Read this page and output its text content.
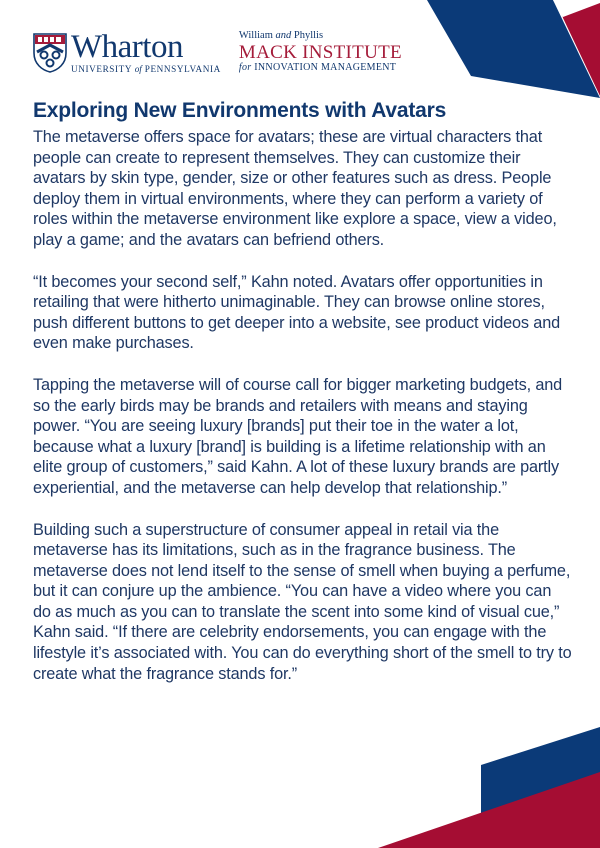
Wharton
UNIVERSITY of PENNSYLVANIA
William and Phyllis
MACK INSTITUTE
for INNOVATION MANAGEMENT
Exploring New Environments with Avatars

The metaverse offers space for avatars; these are virtual characters that people can create to represent themselves. They can customize their avatars by skin type, gender, size or other features such as dress. People deploy them in virtual environments, where they can perform a variety of roles within the metaverse environment like explore a space, view a video, play a game; and the avatars can befriend others.

“It becomes your second self,” Kahn noted. Avatars offer opportunities in retailing that were hitherto unimaginable. They can browse online stores, push different buttons to get deeper into a website, see product videos and even make purchases.

Tapping the metaverse will of course call for bigger marketing budgets, and so the early birds may be brands and retailers with means and staying power. “You are seeing luxury [brands] put their toe in the water a lot, because what a luxury [brand] is building is a lifetime relationship with an elite group of customers,” said Kahn. A lot of these luxury brands are partly experiential, and the metaverse can help develop that relationship.”

Building such a superstructure of consumer appeal in retail via the metaverse has its limitations, such as in the fragrance business. The metaverse does not lend itself to the sense of smell when buying a perfume, but it can conjure up the ambience. “You can have a video where you can do as much as you can to translate the scent into some kind of visual cue,” Kahn said. “If there are celebrity endorsements, you can engage with the lifestyle it’s associated with. You can do everything short of the smell to try to create what the fragrance stands for.”
